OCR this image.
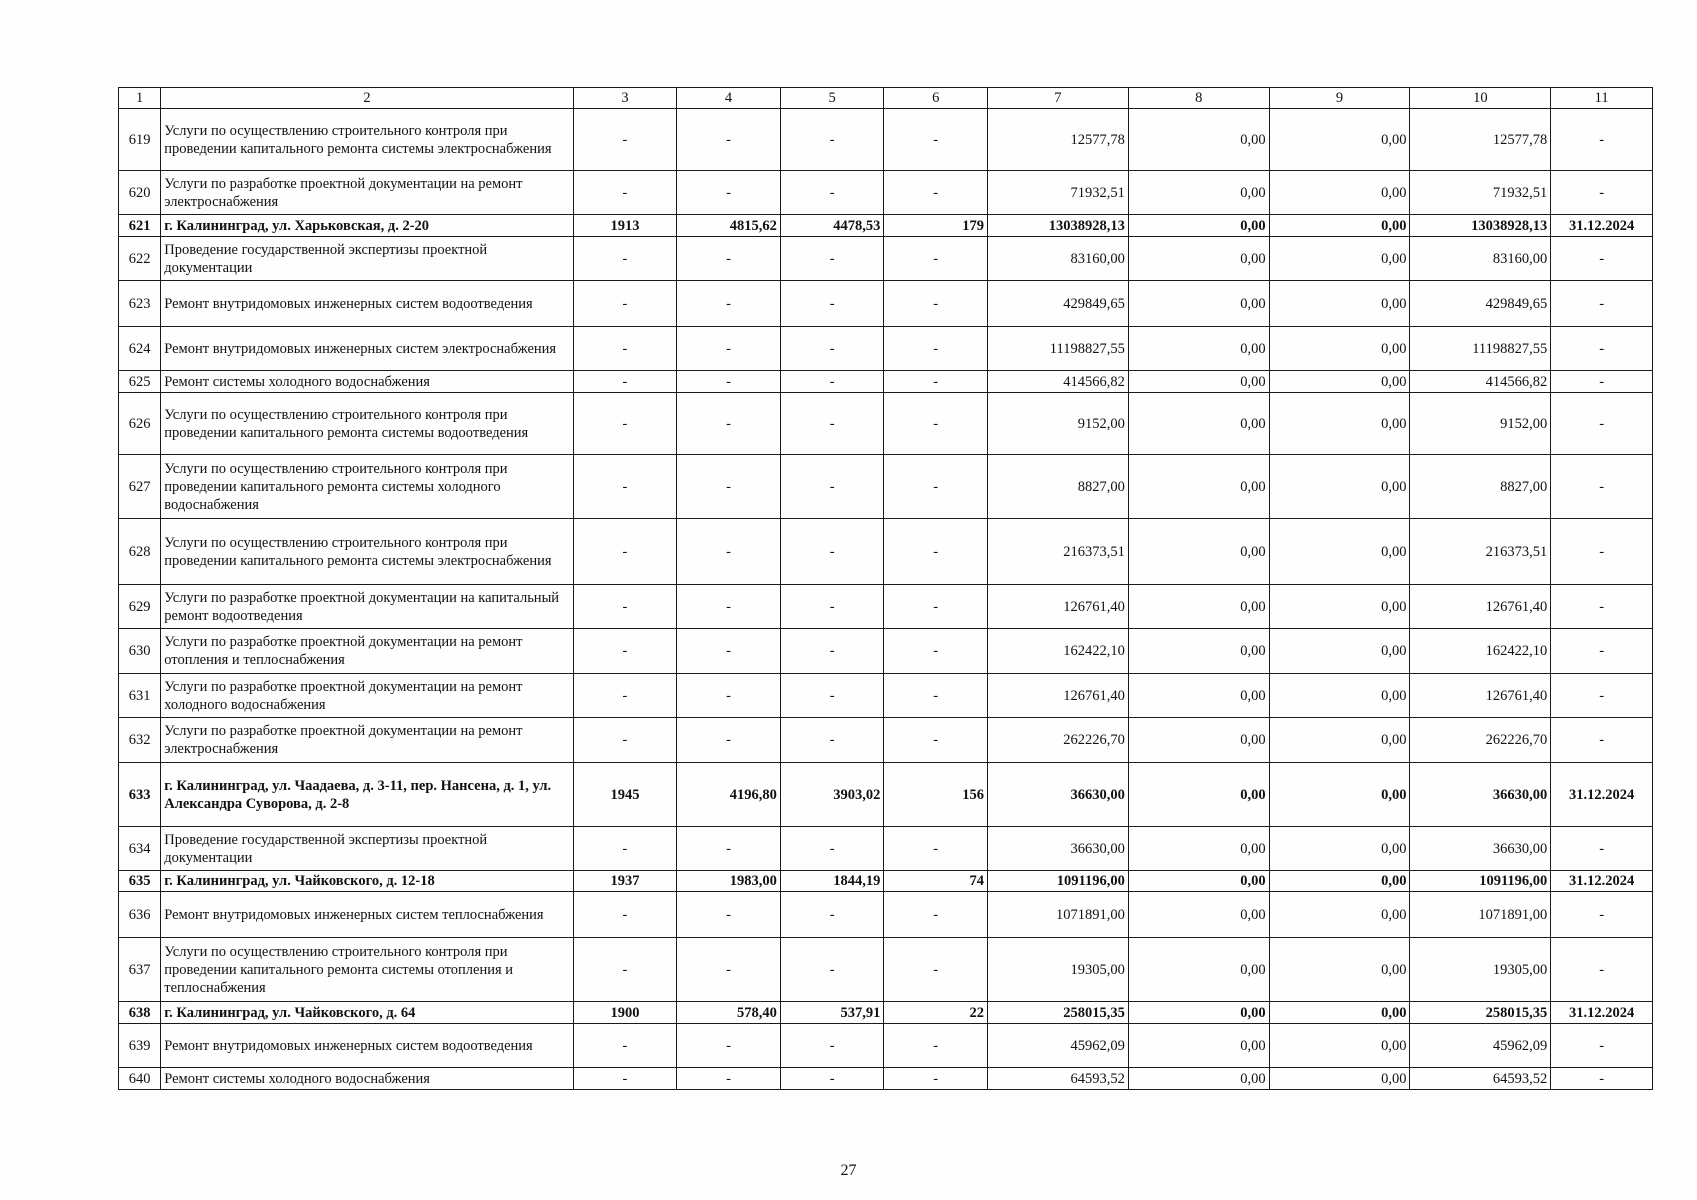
1	2	3	4	5	6	7	8	9	10	11
619	Услуги по осуществлению строительного контроля при проведении капитального ремонта системы электроснабжения	-	-	-	-	12577,78	0,00	0,00	12577,78	-
620	Услуги по разработке проектной документации на ремонт электроснабжения	-	-	-	-	71932,51	0,00	0,00	71932,51	-
621	г. Калининград, ул. Харьковская, д. 2-20	1913	4815,62	4478,53	179	13038928,13	0,00	0,00	13038928,13	31.12.2024
622	Проведение государственной экспертизы проектной документации	-	-	-	-	83160,00	0,00	0,00	83160,00	-
623	Ремонт внутридомовых инженерных систем водоотведения	-	-	-	-	429849,65	0,00	0,00	429849,65	-
624	Ремонт внутридомовых инженерных систем электроснабжения	-	-	-	-	11198827,55	0,00	0,00	11198827,55	-
625	Ремонт системы холодного водоснабжения	-	-	-	-	414566,82	0,00	0,00	414566,82	-
626	Услуги по осуществлению строительного контроля при проведении капитального ремонта системы водоотведения	-	-	-	-	9152,00	0,00	0,00	9152,00	-
627	Услуги по осуществлению строительного контроля при проведении капитального ремонта системы холодного водоснабжения	-	-	-	-	8827,00	0,00	0,00	8827,00	-
628	Услуги по осуществлению строительного контроля при проведении капитального ремонта системы электроснабжения	-	-	-	-	216373,51	0,00	0,00	216373,51	-
629	Услуги по разработке проектной документации на капитальный ремонт водоотведения	-	-	-	-	126761,40	0,00	0,00	126761,40	-
630	Услуги по разработке проектной документации на ремонт отопления и теплоснабжения	-	-	-	-	162422,10	0,00	0,00	162422,10	-
631	Услуги по разработке проектной документации на ремонт холодного водоснабжения	-	-	-	-	126761,40	0,00	0,00	126761,40	-
632	Услуги по разработке проектной документации на ремонт электроснабжения	-	-	-	-	262226,70	0,00	0,00	262226,70	-
633	г. Калининград, ул. Чаадаева, д. 3-11, пер. Нансена, д. 1, ул. Александра Суворова, д. 2-8	1945	4196,80	3903,02	156	36630,00	0,00	0,00	36630,00	31.12.2024
634	Проведение государственной экспертизы проектной документации	-	-	-	-	36630,00	0,00	0,00	36630,00	-
635	г. Калининград, ул. Чайковского, д. 12-18	1937	1983,00	1844,19	74	1091196,00	0,00	0,00	1091196,00	31.12.2024
636	Ремонт внутридомовых инженерных систем теплоснабжения	-	-	-	-	1071891,00	0,00	0,00	1071891,00	-
637	Услуги по осуществлению строительного контроля при проведении капитального ремонта системы отопления и теплоснабжения	-	-	-	-	19305,00	0,00	0,00	19305,00	-
638	г. Калининград, ул. Чайковского, д. 64	1900	578,40	537,91	22	258015,35	0,00	0,00	258015,35	31.12.2024
639	Ремонт внутридомовых инженерных систем водоотведения	-	-	-	-	45962,09	0,00	0,00	45962,09	-
640	Ремонт системы холодного водоснабжения	-	-	-	-	64593,52	0,00	0,00	64593,52	-
27
